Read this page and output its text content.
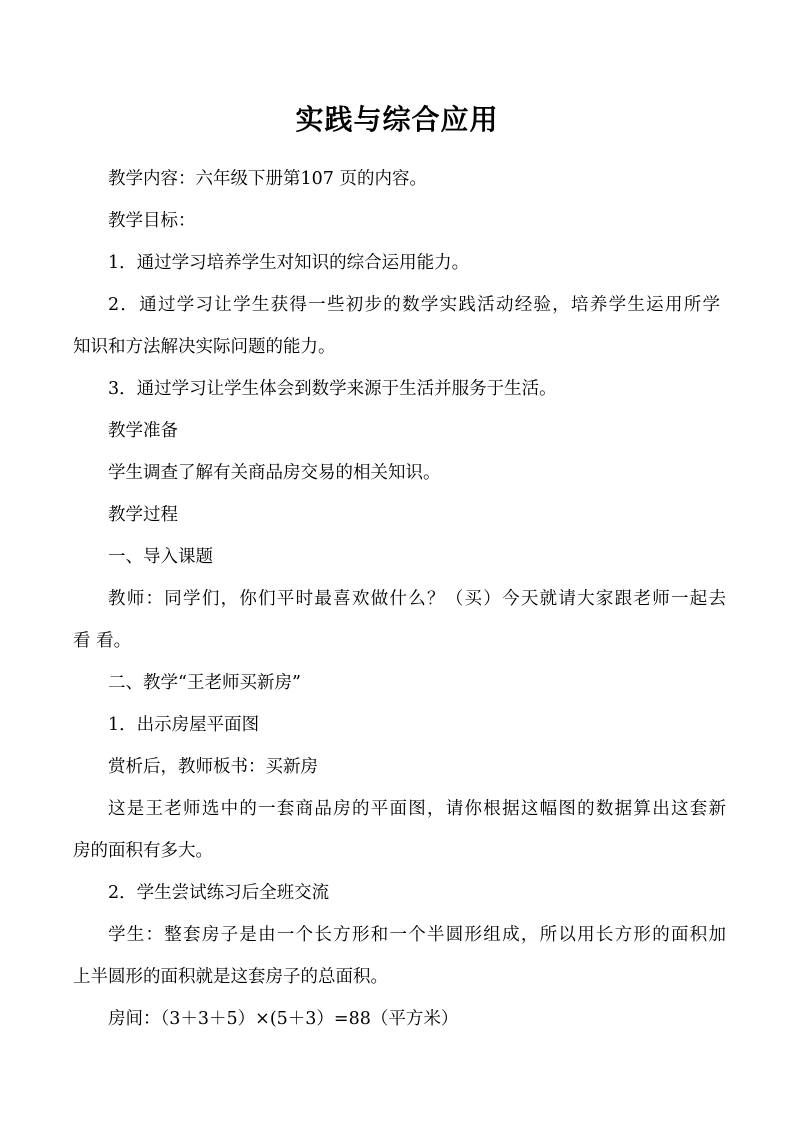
实践与综合应用
教学内容：六年级下册第107 页的内容。
教学目标：
1．通过学习培养学生对知识的综合运用能力。
2．通过学习让学生获得一些初步的数学实践活动经验，培养学生运用所学
知识和方法解决实际问题的能力。
3．通过学习让学生体会到数学来源于生活并服务于生活。
教学准备
学生调查了解有关商品房交易的相关知识。
教学过程
一、导入课题
教师：同学们，你们平时最喜欢做什么？（买）今天就请大家跟老师一起去
看 看。
二、教学“王老师买新房”
1．出示房屋平面图
赏析后，教师板书：买新房
这是王老师选中的一套商品房的平面图，请你根据这幅图的数据算出这套新
房的面积有多大。
2．学生尝试练习后全班交流
学生：整套房子是由一个长方形和一个半圆形组成，所以用长方形的面积加
上半圆形的面积就是这套房子的总面积。
房间：（3＋3＋5）×(5＋3）=88（平方米）
